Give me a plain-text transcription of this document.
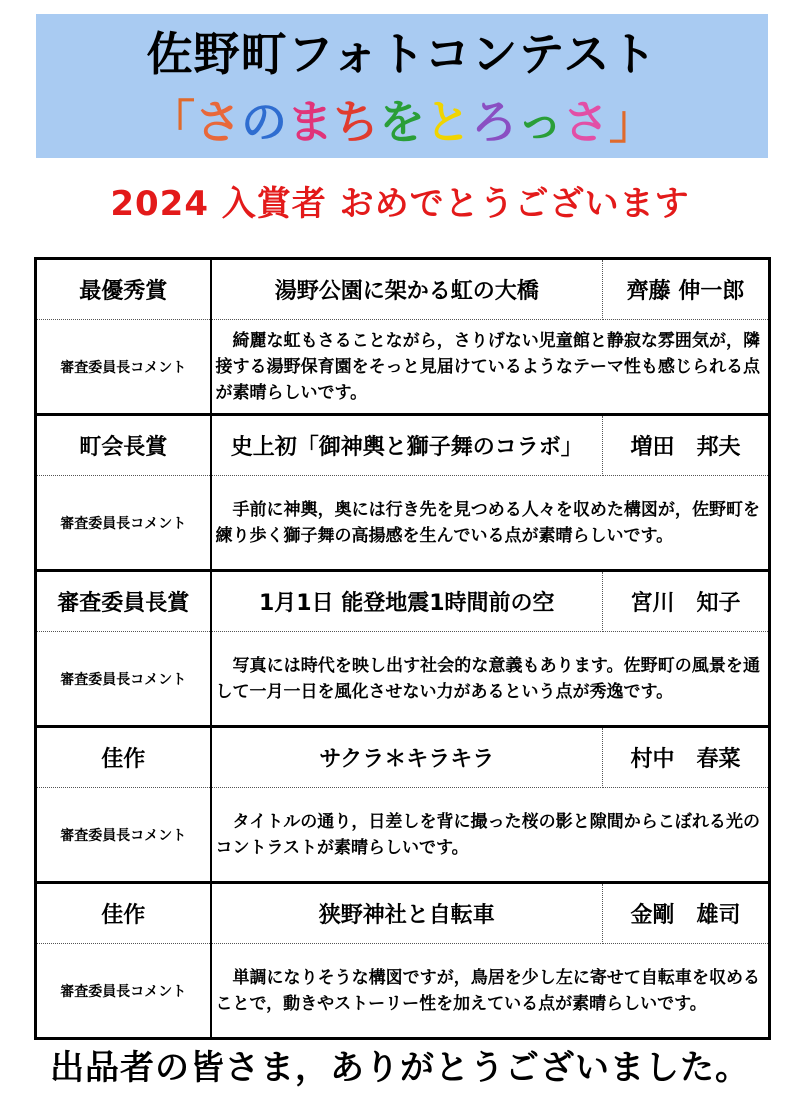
佐野町フォトコンテスト
「さのまちをとろっさ」
2024 入賞者 おめでとうございます
最優秀賞	湯野公園に架かる虹の大橋	齊藤 伸一郎
審査委員長コメント	綺麗な虹もさることながら，さりげない児童館と静寂な雰囲気が，隣接する湯野保育園をそっと見届けているようなテーマ性も感じられる点が素晴らしいです。	
町会長賞	史上初「御神輿と獅子舞のコラボ」	増田　邦夫
審査委員長コメント	手前に神輿，奥には行き先を見つめる人々を収めた構図が，佐野町を練り歩く獅子舞の高揚感を生んでいる点が素晴らしいです。	
審査委員長賞	1月1日 能登地震1時間前の空	宮川　知子
審査委員長コメント	写真には時代を映し出す社会的な意義もあります。佐野町の風景を通して一月一日を風化させない力があるという点が秀逸です。	
佳作	サクラ＊キラキラ	村中　春菜
審査委員長コメント	タイトルの通り，日差しを背に撮った桜の影と隙間からこぼれる光のコントラストが素晴らしいです。	
佳作	狭野神社と自転車	金剛　雄司
審査委員長コメント	単調になりそうな構図ですが，鳥居を少し左に寄せて自転車を収めることで，動きやストーリー性を加えている点が素晴らしいです。	
出品者の皆さま，ありがとうございました。
